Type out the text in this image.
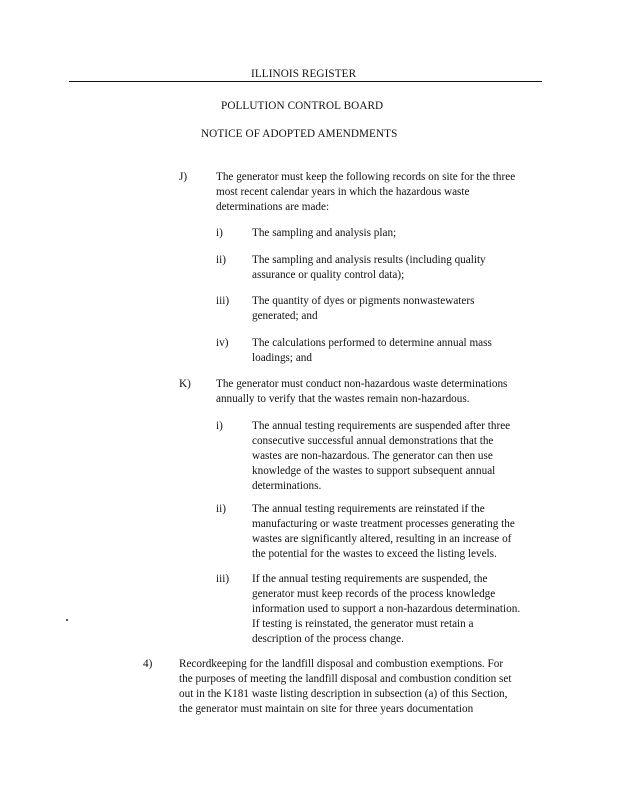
ILLINOIS REGISTER
POLLUTION CONTROL BOARD
NOTICE OF ADOPTED AMENDMENTS
J)	The generator must keep the following records on site for the three
most recent calendar years in which the hazardous waste
determinations are made:
i)	The sampling and analysis plan;
ii) The sampling and analysis results (including quality
assurance or quality control data);
iii) The quantity of dyes or pigments nonwastewaters
generated; and
iv) The calculations performed to determine annual mass
loadings; and
K) The generator must conduct non-hazardous waste determinations
annually to verify that the wastes remain non-hazardous.
i)	The annual testing requirements are suspended after three
consecutive successful annual demonstrations that the
wastes are non-hazardous. The generator can then use
knowledge of the wastes to support subsequent annual
determinations.
ii) The annual testing requirements are reinstated if the
manufacturing or waste treatment processes generating the
wastes are significantly altered, resulting in an increase of
the potential for the wastes to exceed the listing levels.
iii) If the annual testing requirements are suspended, the
generator must keep records of the process knowledge
information used to support a non-hazardous determination.
If testing is reinstated, the generator must retain a
description of the process change.
4) Recordkeeping for the landfill disposal and combustion exemptions. For
the purposes of meeting the landfill disposal and combustion condition set
out in the K181 waste listing description in subsection (a) of this Section,
the generator must maintain on site for three years documentation
